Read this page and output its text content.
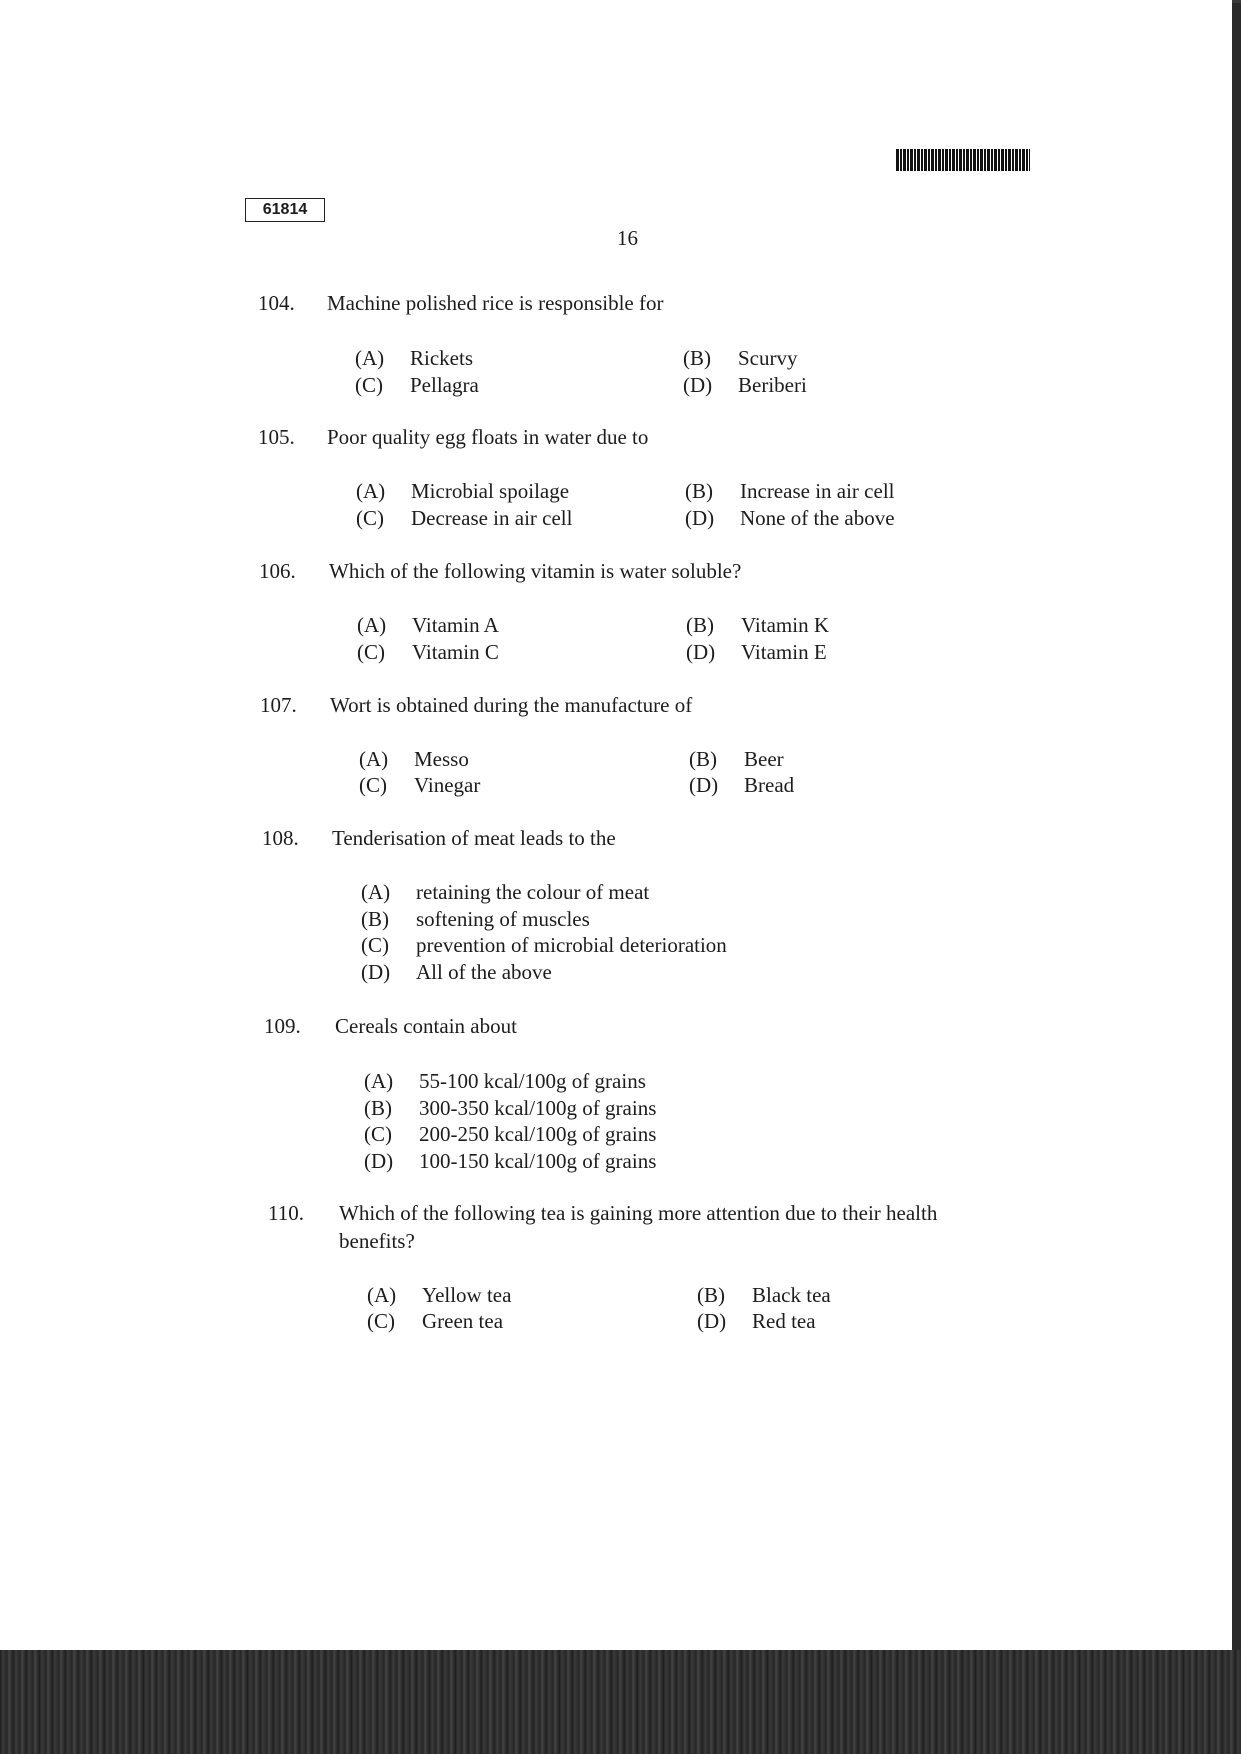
61814
16
104. Machine polished rice is responsible for
(A) Rickets	(B) Scurvy
(C) Pellagra	(D) Beriberi
105. Poor quality egg floats in water due to
(A) Microbial spoilage	(B) Increase in air cell
(C) Decrease in air cell	(D) None of the above
106. Which of the following vitamin is water soluble?
(A) Vitamin A	(B) Vitamin K
(C) Vitamin C	(D) Vitamin E
107. Wort is obtained during the manufacture of
(A) Messo	(B) Beer
(C) Vinegar	(D) Bread
108. Tenderisation of meat leads to the
(A) retaining the colour of meat
(B) softening of muscles
(C) prevention of microbial deterioration
(D) All of the above
109. Cereals contain about
(A) 55-100 kcal/100g of grains
(B) 300-350 kcal/100g of grains
(C) 200-250 kcal/100g of grains
(D) 100-150 kcal/100g of grains
110. Which of the following tea is gaining more attention due to their health
benefits?
(A) Yellow tea	(B) Black tea
(C) Green tea	(D) Red tea
